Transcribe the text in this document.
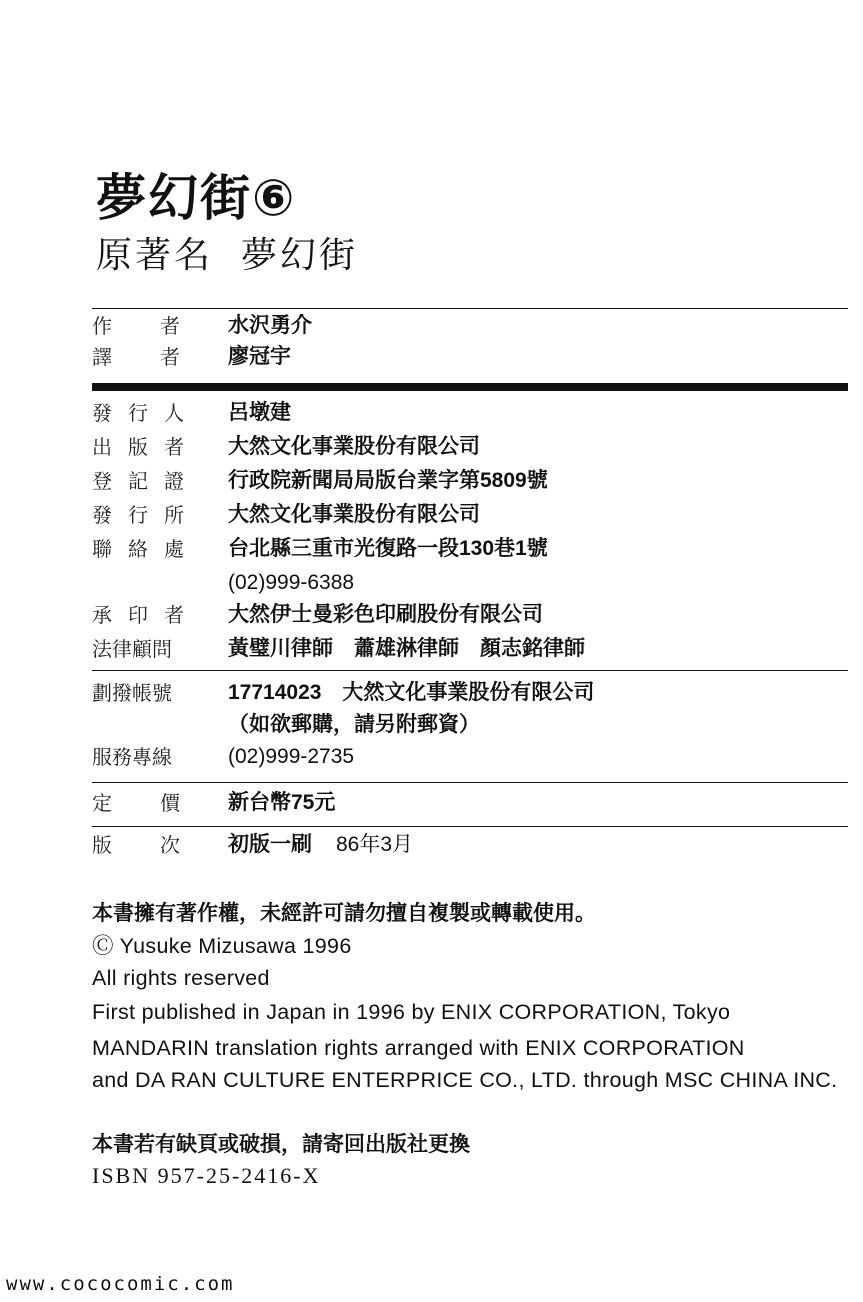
夢幻街⑥
原著名 夢幻街
作 者 水沢勇介
譯 者 廖冠宇
發 行 人 呂墩建
出 版 者 大然文化事業股份有限公司
登 記 證 行政院新聞局局版台業字第5809號
發 行 所 大然文化事業股份有限公司
聯 絡 處 台北縣三重市光復路一段130巷1號
(02)999-6388
承 印 者 大然伊士曼彩色印刷股份有限公司
法律顧問	黃璧川律師　蕭雄淋律師　顏志銘律師
劃撥帳號	17714023　大然文化事業股份有限公司
（如欲郵購，請另附郵資）
服務專線	(02)999-2735
定 價 新台幣75元
版 次 初版一刷 86年3月
本書擁有著作權，未經許可請勿擅自複製或轉載使用。
Ⓒ Yusuke Mizusawa 1996
All rights reserved
First published in Japan in 1996 by ENIX CORPORATION, Tokyo
MANDARIN translation rights arranged with ENIX CORPORATION
and DA RAN CULTURE ENTERPRICE CO., LTD. through MSC CHINA INC.
本書若有缺頁或破損，請寄回出版社更換
ISBN 957-25-2416-X
www.cococomic.com
